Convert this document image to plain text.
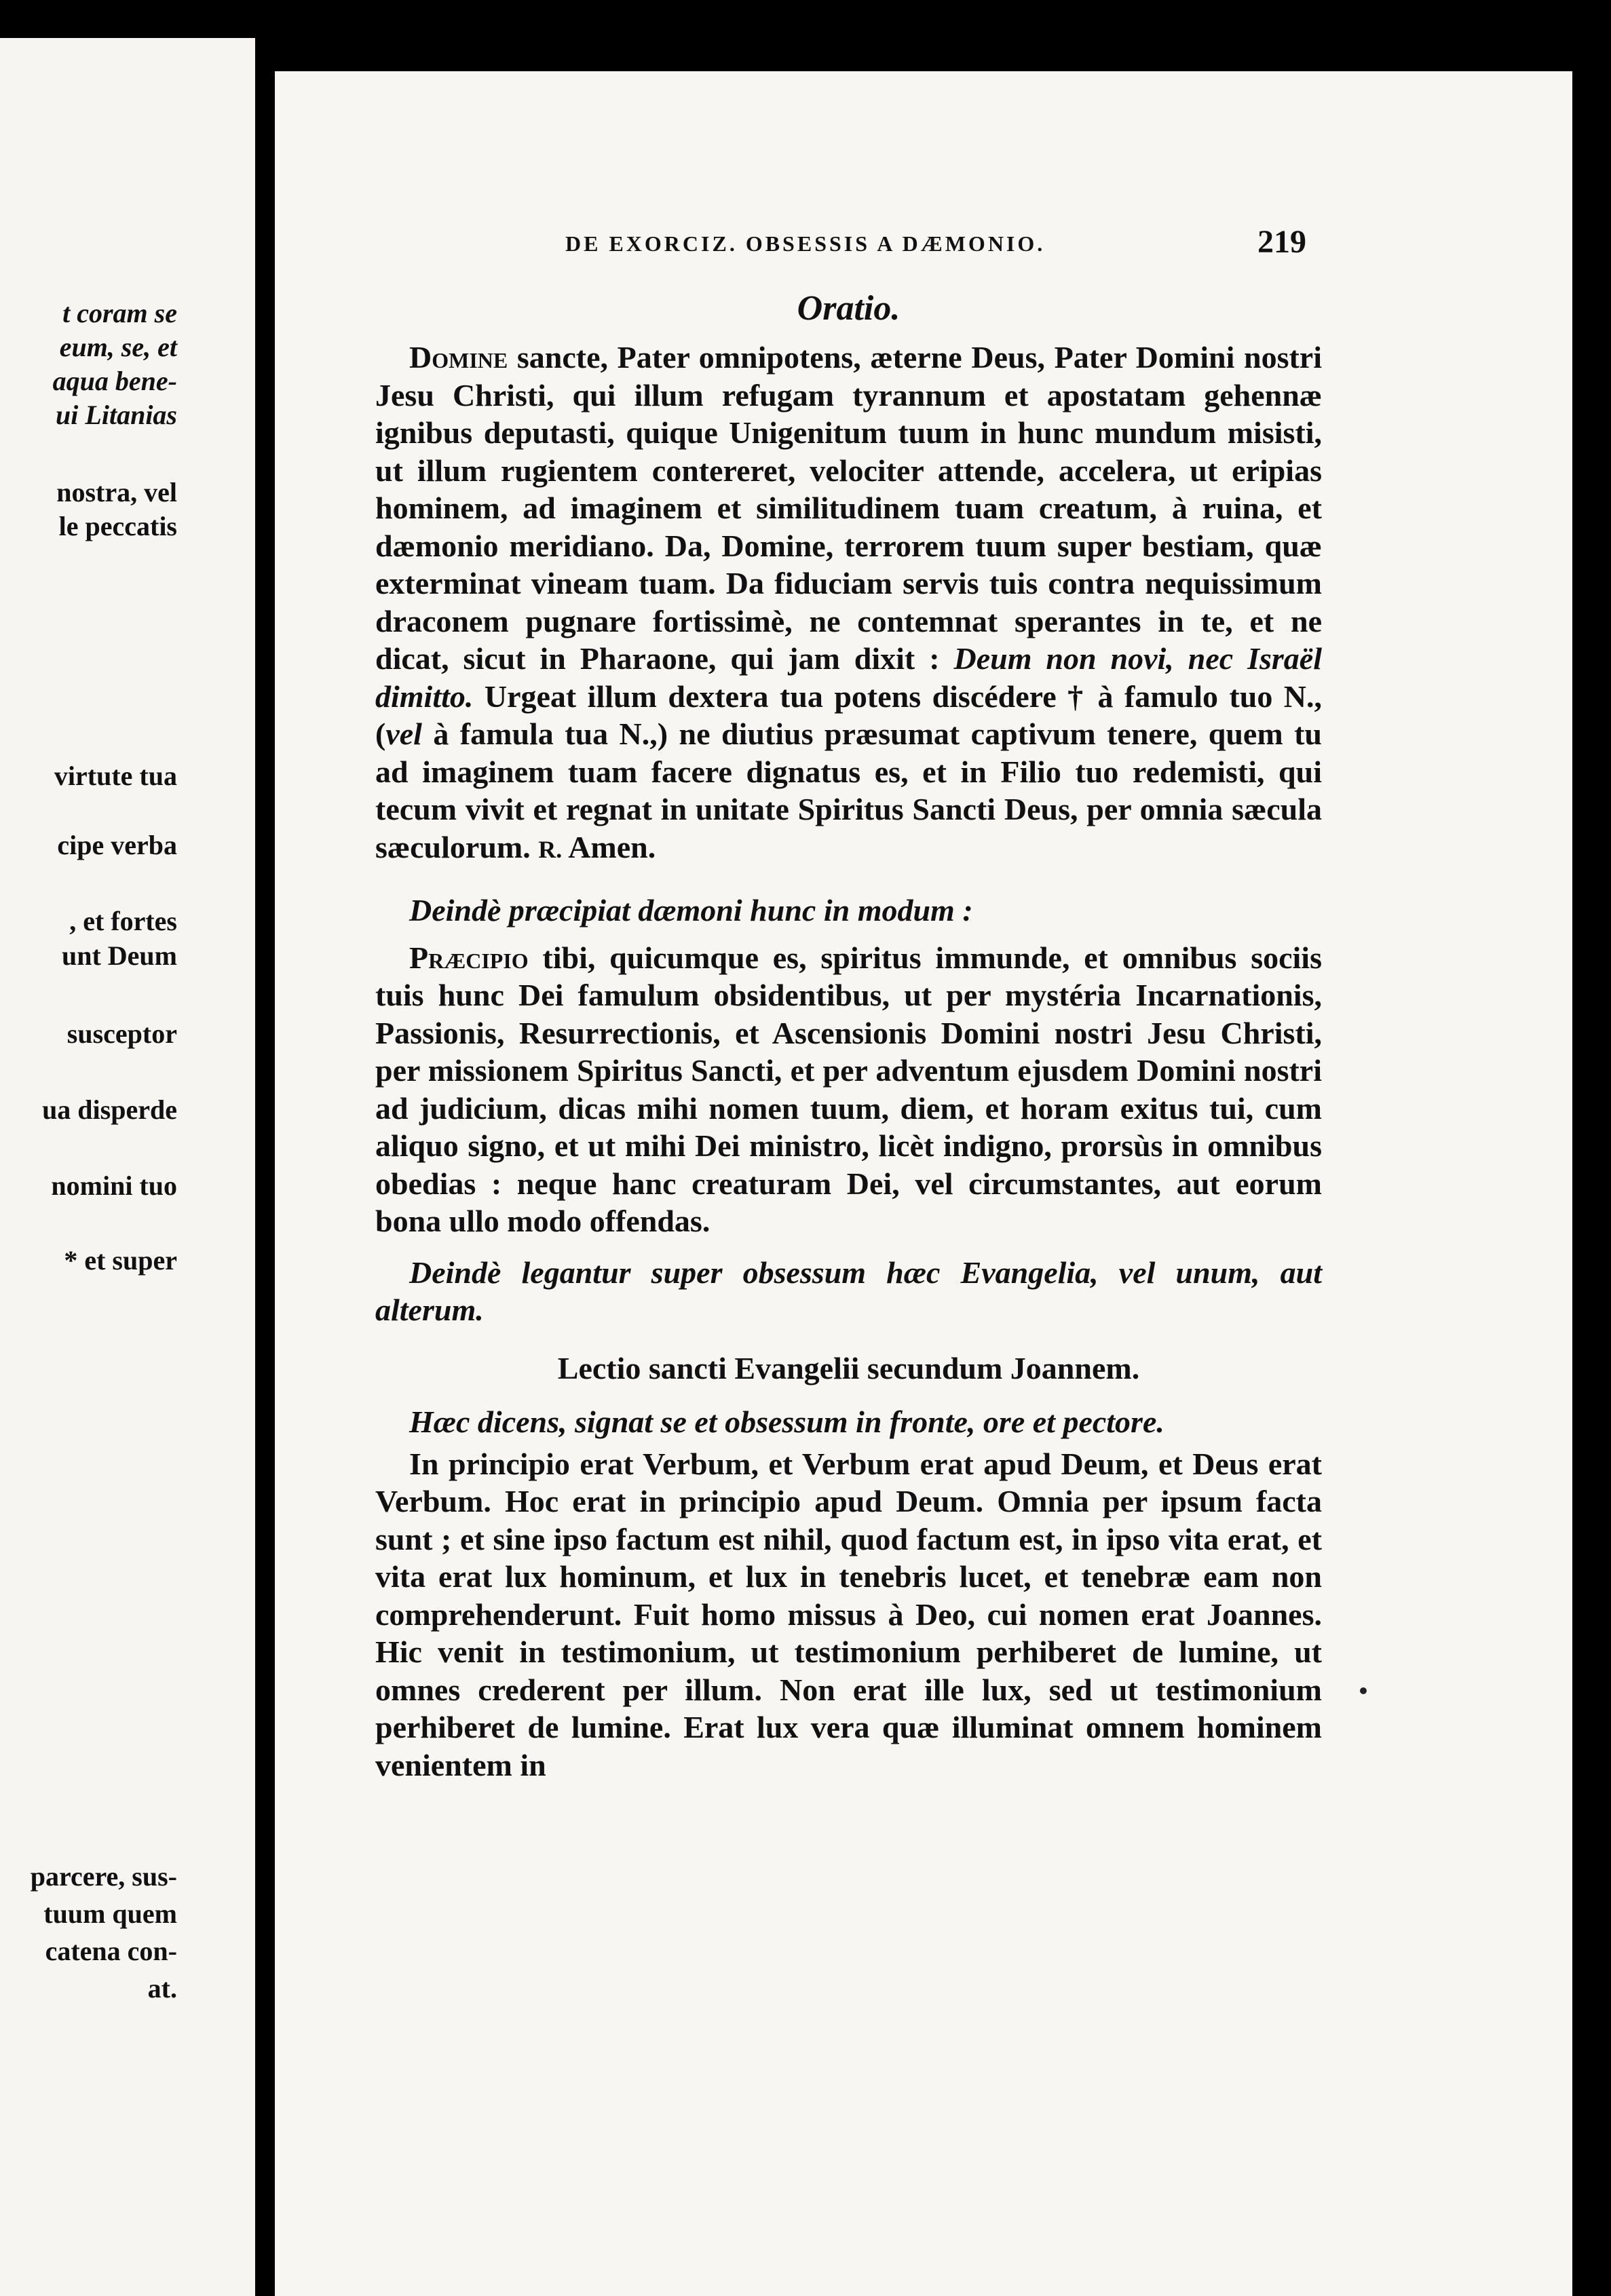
t coram se
eum, se, et
aqua bene-
ui Litanias
nostra, vel
le peccatis
virtute tua
cipe verba
, et fortes
unt Deum
susceptor
ua disperde
nomini tuo
* et super
parcere, sus-
tuum quem
catena con-
at.
DE EXORCIZ. OBSESSIS A DÆMONIO.	219

Oratio.

Domine sancte, Pater omnipotens, æterne Deus, Pater Domini nostri Jesu Christi, qui illum refugam tyrannum et apostatam gehennæ ignibus deputasti, quique Unigenitum tuum in hunc mundum misisti, ut illum rugientem contereret, velociter attende, accelera, ut eripias hominem, ad imaginem et similitudinem tuam creatum, à ruina, et dæmonio meridiano. Da, Domine, terrorem tuum super bestiam, quæ exterminat vineam tuam. Da fiduciam servis tuis contra nequissimum draconem pugnare fortissimè, ne contemnat sperantes in te, et ne dicat, sicut in Pharaone, qui jam dixit : Deum non novi, nec Israël dimitto. Urgeat illum dextera tua potens discédere † à famulo tuo N., (vel à famula tua N.,) ne diutius præsumat captivum tenere, quem tu ad imaginem tuam facere dignatus es, et in Filio tuo redemisti, qui tecum vivit et regnat in unitate Spiritus Sancti Deus, per omnia sæcula sæculorum. R. Amen.

Deindè præcipiat dæmoni hunc in modum :

Præcipio tibi, quicumque es, spiritus immunde, et omnibus sociis tuis hunc Dei famulum obsidentibus, ut per mystéria Incarnationis, Passionis, Resurrectionis, et Ascensionis Domini nostri Jesu Christi, per missionem Spiritus Sancti, et per adventum ejusdem Domini nostri ad judicium, dicas mihi nomen tuum, diem, et horam exitus tui, cum aliquo signo, et ut mihi Dei ministro, licèt indigno, prorsùs in omnibus obedias : neque hanc creaturam Dei, vel circumstantes, aut eorum bona ullo modo offendas.

Deindè legantur super obsessum hæc Evangelia, vel unum, aut alterum.

Lectio sancti Evangelii secundum Joannem.

Hæc dicens, signat se et obsessum in fronte, ore et pectore.

In principio erat Verbum, et Verbum erat apud Deum, et Deus erat Verbum. Hoc erat in principio apud Deum. Omnia per ipsum facta sunt ; et sine ipso factum est nihil, quod factum est, in ipso vita erat, et vita erat lux hominum, et lux in tenebris lucet, et tenebræ eam non comprehenderunt. Fuit homo missus à Deo, cui nomen erat Joannes. Hic venit in testimonium, ut testimonium perhiberet de lumine, ut omnes crederent per illum. Non erat ille lux, sed ut testimonium perhiberet de lumine. Erat lux vera quæ illuminat omnem hominem venientem in
